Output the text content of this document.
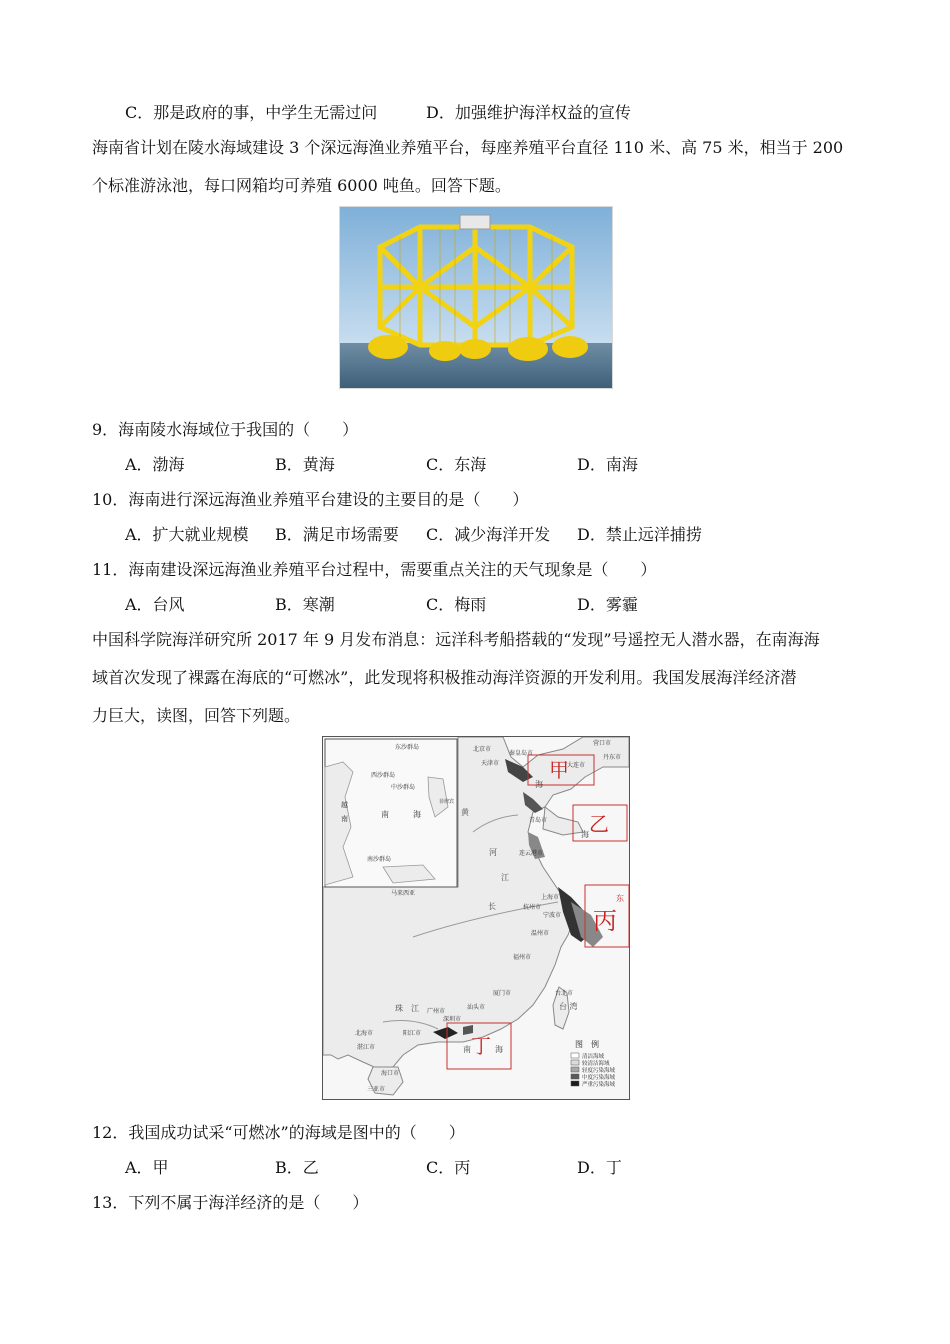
C．那是政府的事，中学生无需过问	D．加强维护海洋权益的宣传
海南省计划在陵水海域建设 3 个深远海渔业养殖平台，每座养殖平台直径 110 米、高 75 米，相当于 200
个标准游泳池，每口网箱均可养殖 6000 吨鱼。回答下题。
9．海南陵水海域位于我国的（　　）
A．渤海	B．黄海	C．东海	D．南海
10．海南进行深远海渔业养殖平台建设的主要目的是（　　）
A．扩大就业规模 B．满足市场需要 C．减少海洋开发 D．禁止远洋捕捞
11．海南建设深远海渔业养殖平台过程中，需要重点关注的天气现象是（　　）
A．台风	B．寒潮	C．梅雨	D．雾霾
中国科学院海洋研究所 2017 年 9 月发布消息：远洋科考船搭载的“发现”号遥控无人潜水器，在南海海
域首次发现了裸露在海底的“可燃冰”，此发现将积极推动海洋资源的开发利用。我国发展海洋经济潜
力巨大，读图，回答下列题。
东沙群岛
西沙群岛
中沙群岛
南	海
越
南
菲律宾
南沙群岛
马来西亚
北京市
秦皇岛市
营口市
丹东市
天津市	大连市
青岛市
连云港市
上海市
杭州市
宁波市
温州市
福州市
厦门市
汕头市
广州市
深圳市
台北市
北海市
湛江市
阳江市
海口市
三亚市
黄
河
江
长
珠　江	台 湾
海
海
东
南	海
甲
乙
丙
丁	图　例
清洁海域
较清洁海域
轻度污染海域
中度污染海域
严重污染海域
12．我国成功试采“可燃冰”的海域是图中的（　　）
A．甲	B．乙	C．丙	D．丁
13．下列不属于海洋经济的是（　　）
